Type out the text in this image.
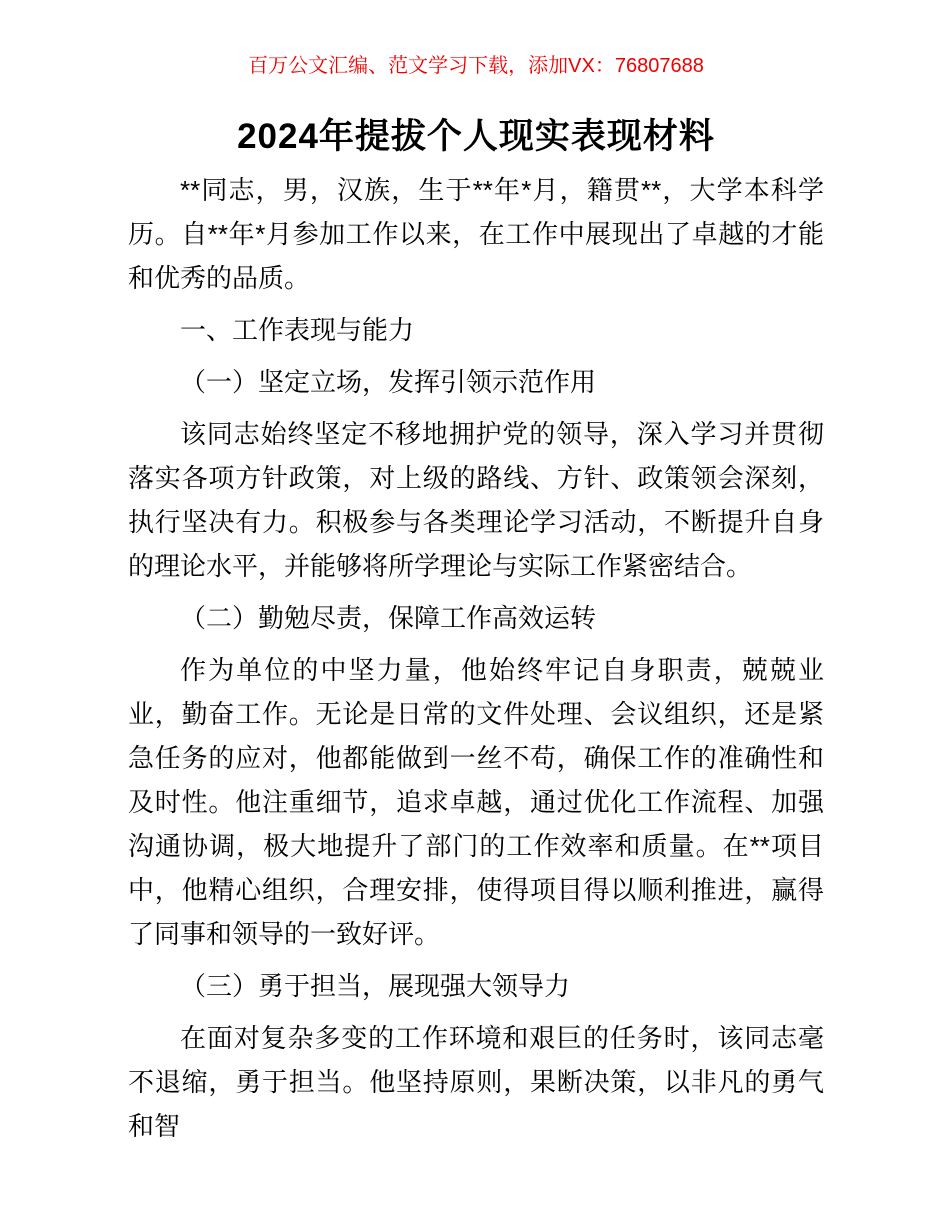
百万公文汇编、范文学习下载，添加VX：76807688
2024年提拔个人现实表现材料

**同志，男，汉族，生于**年*月，籍贯**，大学本科学历。自**年*月参加工作以来，在工作中展现出了卓越的才能和优秀的品质。

一、工作表现与能力

（一）坚定立场，发挥引领示范作用

该同志始终坚定不移地拥护党的领导，深入学习并贯彻落实各项方针政策，对上级的路线、方针、政策领会深刻，执行坚决有力。积极参与各类理论学习活动，不断提升自身的理论水平，并能够将所学理论与实际工作紧密结合。

（二）勤勉尽责，保障工作高效运转

作为单位的中坚力量，他始终牢记自身职责，兢兢业业，勤奋工作。无论是日常的文件处理、会议组织，还是紧急任务的应对，他都能做到一丝不苟，确保工作的准确性和及时性。他注重细节，追求卓越，通过优化工作流程、加强沟通协调，极大地提升了部门的工作效率和质量。在**项目中，他精心组织，合理安排，使得项目得以顺利推进，赢得了同事和领导的一致好评。

（三）勇于担当，展现强大领导力

在面对复杂多变的工作环境和艰巨的任务时，该同志毫不退缩，勇于担当。他坚持原则，果断决策，以非凡的勇气和智
